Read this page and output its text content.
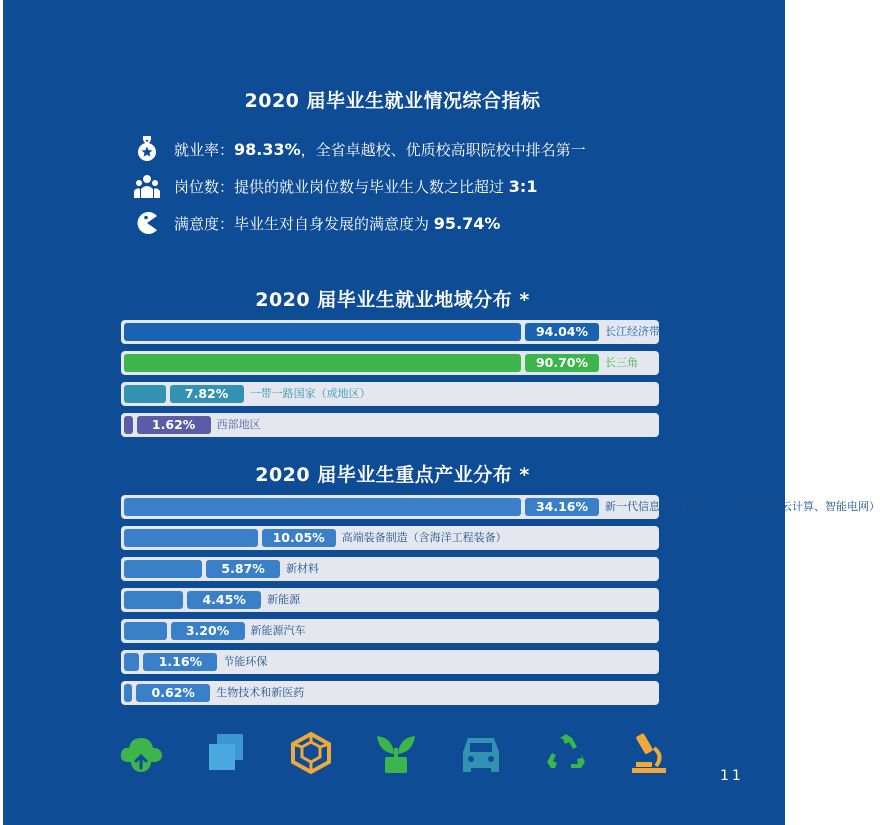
2020 届毕业生就业情况综合指标
就业率： 98.33%，全省卓越校、优质校高职院校中排名第一
岗位数： 提供的就业岗位数与毕业生人数之比超过 3:1
满意度： 毕业生对自身发展的满意度为 95.74%
2020 届毕业生就业地域分布 *
94.04%	长江经济带
90.70%	长三角
7.82%	一带一路国家（或地区）
1.62%	西部地区
2020 届毕业生重点产业分布 *
34.16%	新一代信息技术和软件（含物联网和云计算、智能电网）
10.05%	高端装备制造（含海洋工程装备）
5.87%	新材料
4.45%	新能源
3.20%	新能源汽车
1.16%	节能环保
0.62%	生物技术和新医药
11
